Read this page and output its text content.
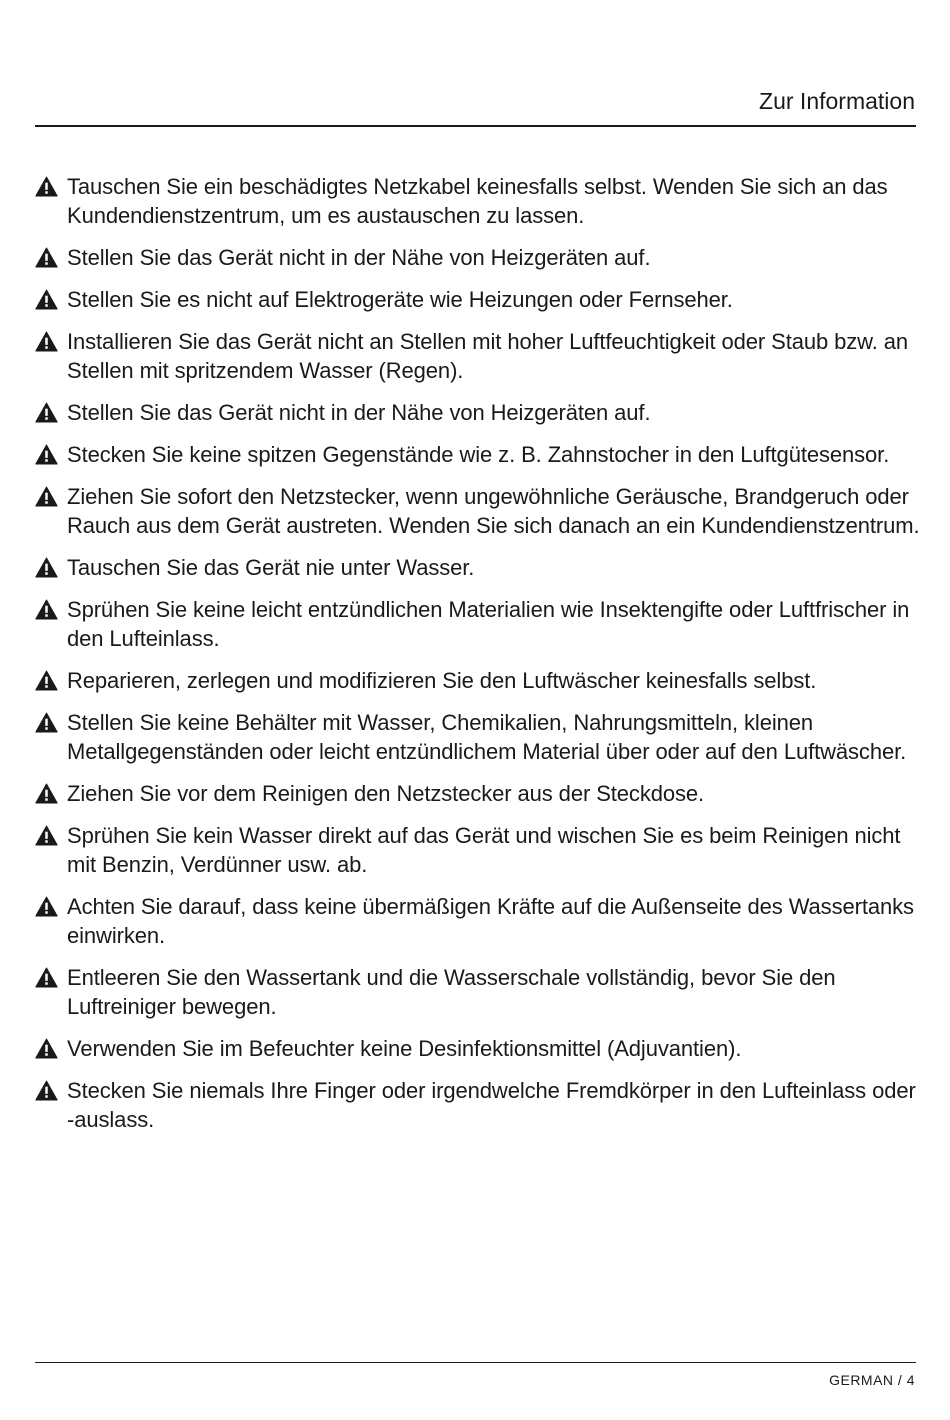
Zur Information
Tauschen Sie ein beschädigtes Netzkabel keinesfalls selbst. Wenden Sie sich an das Kundendienstzentrum, um es austauschen zu lassen.
Stellen Sie das Gerät nicht in der Nähe von Heizgeräten auf.
Stellen Sie es nicht auf Elektrogeräte wie Heizungen oder Fernseher.
Installieren Sie das Gerät nicht an Stellen mit hoher Luftfeuchtigkeit oder Staub bzw. an Stellen mit spritzendem Wasser (Regen).
Stellen Sie das Gerät nicht in der Nähe von Heizgeräten auf.
Stecken Sie keine spitzen Gegenstände wie z. B. Zahnstocher in den Luftgütesensor.
Ziehen Sie sofort den Netzstecker, wenn ungewöhnliche Geräusche, Brandgeruch oder Rauch aus dem Gerät austreten. Wenden Sie sich danach an ein Kundendienstzentrum.
Tauschen Sie das Gerät nie unter Wasser.
Sprühen Sie keine leicht entzündlichen Materialien wie Insektengifte oder Luftfrischer in den Lufteinlass.
Reparieren, zerlegen und modifizieren Sie den Luftwäscher keinesfalls selbst.
Stellen Sie keine Behälter mit Wasser, Chemikalien, Nahrungsmitteln, kleinen Metallgegenständen oder leicht entzündlichem Material über oder auf den Luftwäscher.
Ziehen Sie vor dem Reinigen den Netzstecker aus der Steckdose.
Sprühen Sie kein Wasser direkt auf das Gerät und wischen Sie es beim Reinigen nicht mit Benzin, Verdünner usw. ab.
Achten Sie darauf, dass keine übermäßigen Kräfte auf die Außenseite des Wassertanks einwirken.
Entleeren Sie den Wassertank und die Wasserschale vollständig, bevor Sie den Luftreiniger bewegen.
Verwenden Sie im Befeuchter keine Desinfektionsmittel (Adjuvantien).
Stecken Sie niemals Ihre Finger oder irgendwelche Fremdkörper in den Lufteinlass oder -auslass.
GERMAN / 4
